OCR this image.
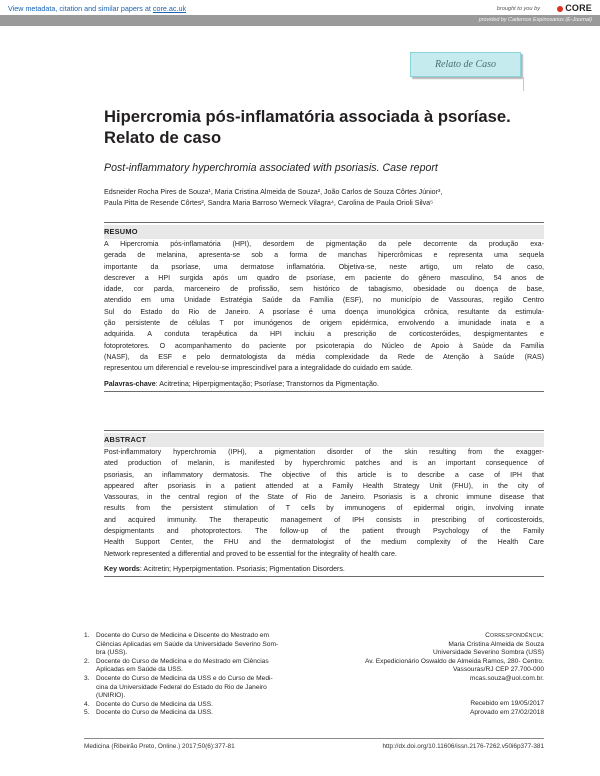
View metadata, citation and similar papers at core.ac.uk	brought to you by	CORE
provided by Cadernos Espinosanos (E-Journal)
Relato de Caso
Hipercromia pós-inflamatória associada à psoríase.
Relato de caso
Post-inflammatory hyperchromia associated with psoriasis. Case report

Edsneider Rocha Pires de Souza¹, Maria Cristina Almeida de Souza², João Carlos de Souza Côrtes Júnior³,

Paula Pitta de Resende Côrtes², Sandra Maria Barroso Werneck Vilagra⁴, Carolina de Paula Orioli Silva⁵

RESUMO

A Hipercromia pós-inflamatória (HPI), desordem de pigmentação da pele decorrente da produção exa-

gerada de melanina, apresenta-se sob a forma de manchas hipercrômicas e representa uma sequela

importante da psoríase, uma dermatose inflamatória. Objetiva-se, neste artigo, um relato de caso,

descrever a HPI surgida após um quadro de psoríase, em paciente do gênero masculino, 54 anos de

idade, cor parda, marceneiro de profissão, sem histórico de tabagismo, obesidade ou doença de base,

atendido em uma Unidade Estratégia Saúde da Família (ESF), no município de Vassouras, região Centro

Sul do Estado do Rio de Janeiro. A psoríase é uma doença imunológica crônica, resultante da estimula-

ção persistente de células T por imunógenos de origem epidérmica, envolvendo a imunidade inata e a

adquirida. A conduta terapêutica da HPI incluiu a prescrição de corticosteróides, despigmentantes e

fotoprotetores. O acompanhamento do paciente por psicoterapia do Núcleo de Apoio à Saúde da Família

(NASF), da ESF e pelo dermatologista da média complexidade da Rede de Atenção à Saúde (RAS)

representou um diferencial e revelou-se imprescindível para a integralidade do cuidado em saúde.

Palavras-chave: Acitretina; Hiperpigmentação; Psoríase; Transtornos da Pigmentação.
ABSTRACT

Post-inflammatory hyperchromia (IPH), a pigmentation disorder of the skin resulting from the exagger-

ated production of melanin, is manifested by hyperchromic patches and is an important consequence of

psoriasis, an inflammatory dermatosis. The objective of this article is to describe a case of IPH that

appeared after psoriasis in a patient attended at a Family Health Strategy Unit (FHU), in the city of

Vassouras, in the central region of the State of Rio de Janeiro. Psoriasis is a chronic immune disease that

results from the persistent stimulation of T cells by immunogens of epidermal origin, involving innate

and acquired immunity. The therapeutic management of IPH consists in prescribing of corticosteroids,

despigmentants and photoprotectors. The follow-up of the patient through Psychology of the Family

Health Support Center, the FHU and the dermatologist of the medium complexity of the Health Care

Network represented a differential and proved to be essential for the integrality of health care.

Key words: Acitretin; Hyperpigmentation. Psoriasis; Pigmentation Disorders.
1. Docente do Curso de Medicina e Discente do Mestrado em
Ciências Aplicadas em Saúde da Universidade Severino Som-
bra (USS).
2. Docente do Curso de Medicina e do Mestrado em Ciências
Aplicadas em Saúde da USS.
3. Docente do Curso de Medicina da USS e do Curso de Medi-
cina da Universidade Federal do Estado do Rio de Janeiro
(UNIRIO).
4. Docente do Curso de Medicina da USS.
5. Docente do Curso de Medicina da USS.
Correspondência:
Maria Cristina Almeida de Souza
Universidade Severino Sombra (USS)
Av. Expedicionário Oswaldo de Almeida Ramos, 280- Centro.
Vassouras/RJ CEP 27.700-000
mcas.souza@uol.com.br.
Recebido em 19/05/2017
Aprovado em 27/02/2018
Medicina (Ribeirão Preto, Online.) 2017;50(6):377-81	http://dx.doi.org/10.11606/issn.2176-7262.v50i6p377-381
